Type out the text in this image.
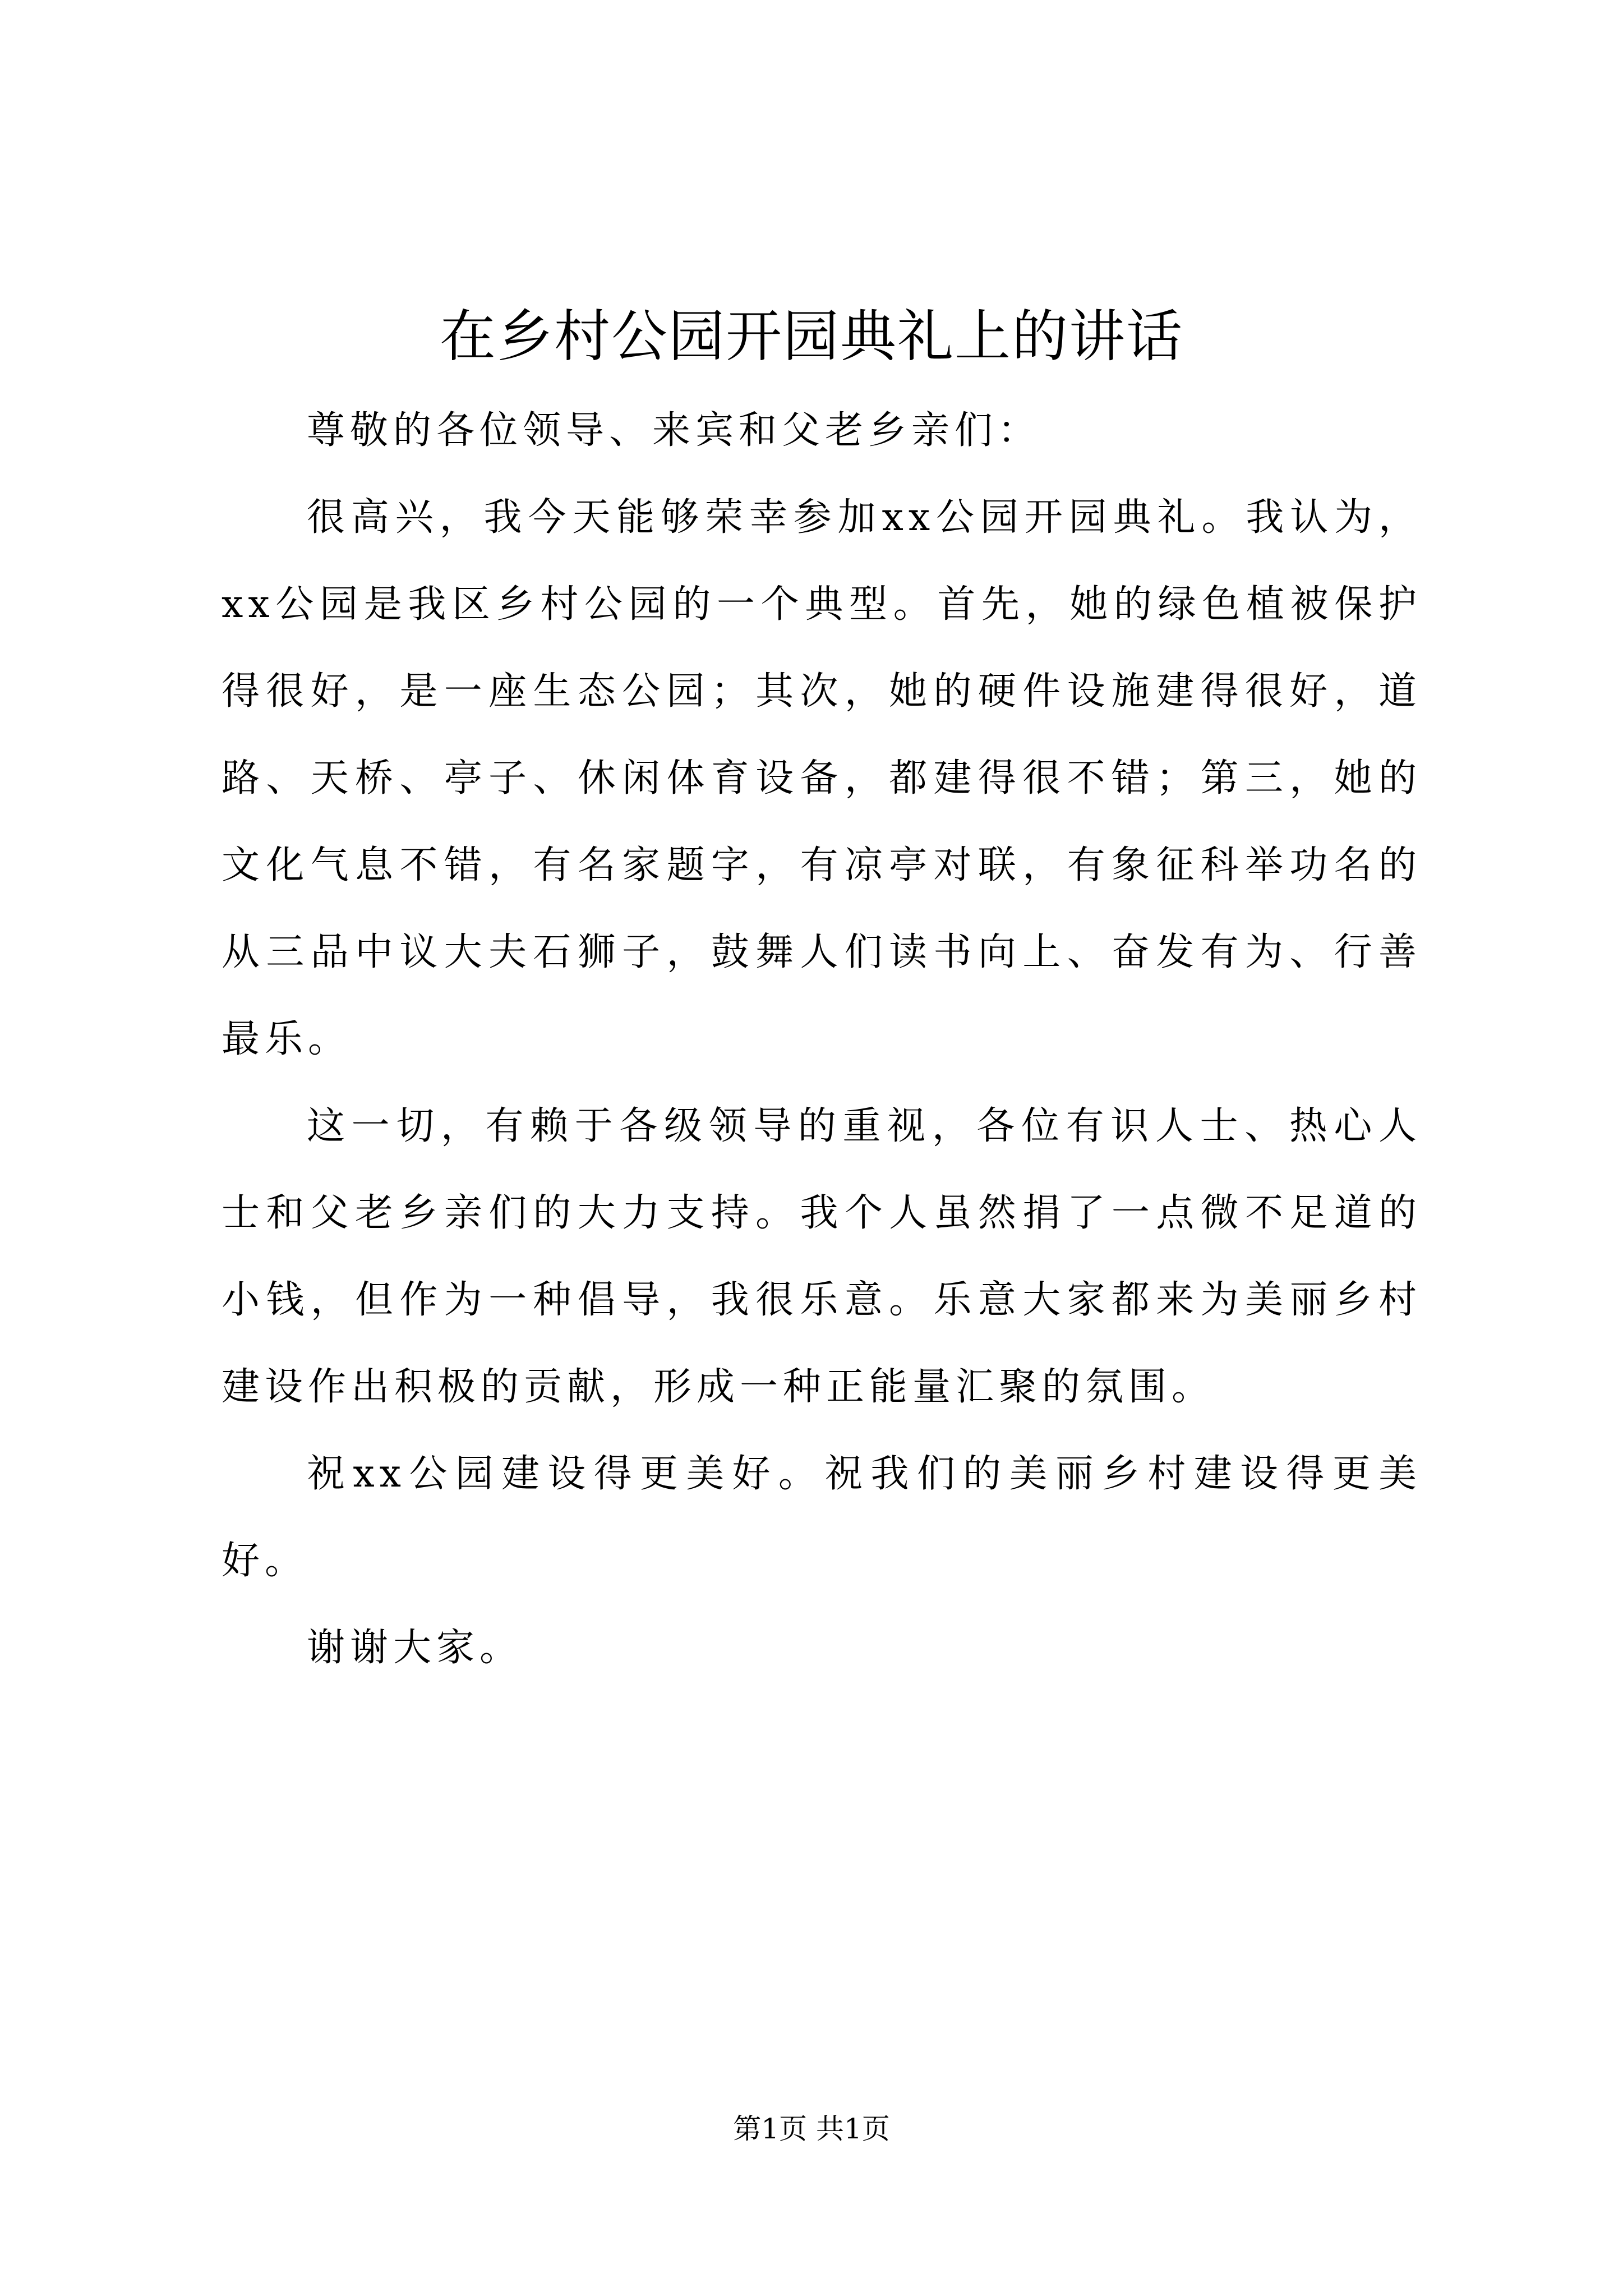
在乡村公园开园典礼上的讲话

尊敬的各位领导、来宾和父老乡亲们：

很高兴，我今天能够荣幸参加xx公园开园典礼。我认为，xx公园是我区乡村公园的一个典型。首先，她的绿色植被保护得很好，是一座生态公园；其次，她的硬件设施建得很好，道路、天桥、亭子、休闲体育设备，都建得很不错；第三，她的文化气息不错，有名家题字，有凉亭对联，有象征科举功名的从三品中议大夫石狮子，鼓舞人们读书向上、奋发有为、行善最乐。

这一切，有赖于各级领导的重视，各位有识人士、热心人士和父老乡亲们的大力支持。我个人虽然捐了一点微不足道的小钱，但作为一种倡导，我很乐意。乐意大家都来为美丽乡村建设作出积极的贡献，形成一种正能量汇聚的氛围。

祝xx公园建设得更美好。祝我们的美丽乡村建设得更美好。

谢谢大家。

第1页 共1页
